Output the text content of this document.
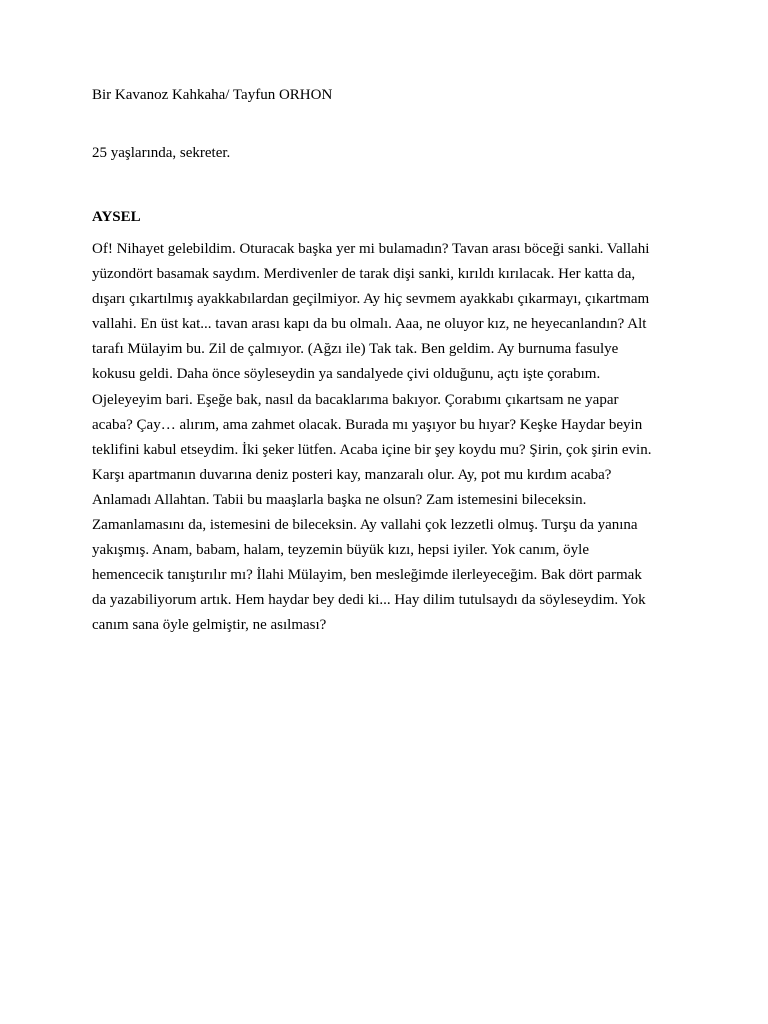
Bir Kavanoz Kahkaha/ Tayfun ORHON
25 yaşlarında, sekreter.
AYSEL
Of! Nihayet gelebildim. Oturacak başka yer mi bulamadın? Tavan arası böceği sanki. Vallahi
yüzondört basamak saydım. Merdivenler de tarak dişi sanki, kırıldı kırılacak. Her katta da,
dışarı çıkartılmış ayakkabılardan geçilmiyor. Ay hiç sevmem ayakkabı çıkarmayı, çıkartmam
vallahi. En üst kat... tavan arası kapı da bu olmalı. Aaa, ne oluyor kız, ne heyecanlandın? Alt
tarafı Mülayim bu. Zil de çalmıyor. (Ağzı ile) Tak tak. Ben geldim. Ay burnuma fasulye
kokusu geldi. Daha önce söyleseydin ya sandalyede çivi olduğunu, açtı işte çorabım.
Ojeleyeyim bari. Eşeğe bak, nasıl da bacaklarıma bakıyor. Çorabımı çıkartsam ne yapar
acaba? Çay… alırım, ama zahmet olacak. Burada mı yaşıyor bu hıyar? Keşke Haydar beyin
teklifini kabul etseydim. İki şeker lütfen. Acaba içine bir şey koydu mu? Şirin, çok şirin evin.
Karşı apartmanın duvarına deniz posteri kay, manzaralı olur. Ay, pot mu kırdım acaba?
Anlamadı Allahtan. Tabii bu maaşlarla başka ne olsun? Zam istemesini bileceksin.
Zamanlamasını da, istemesini de bileceksin. Ay vallahi çok lezzetli olmuş. Turşu da yanına
yakışmış. Anam, babam, halam, teyzemin büyük kızı, hepsi iyiler. Yok canım, öyle
hemencecik tanıştırılır mı? İlahi Mülayim, ben mesleğimde ilerleyeceğim. Bak dört parmak
da yazabiliyorum artık. Hem haydar bey dedi ki... Hay dilim tutulsaydı da söyleseydim. Yok
canım sana öyle gelmiştir, ne asılması?
